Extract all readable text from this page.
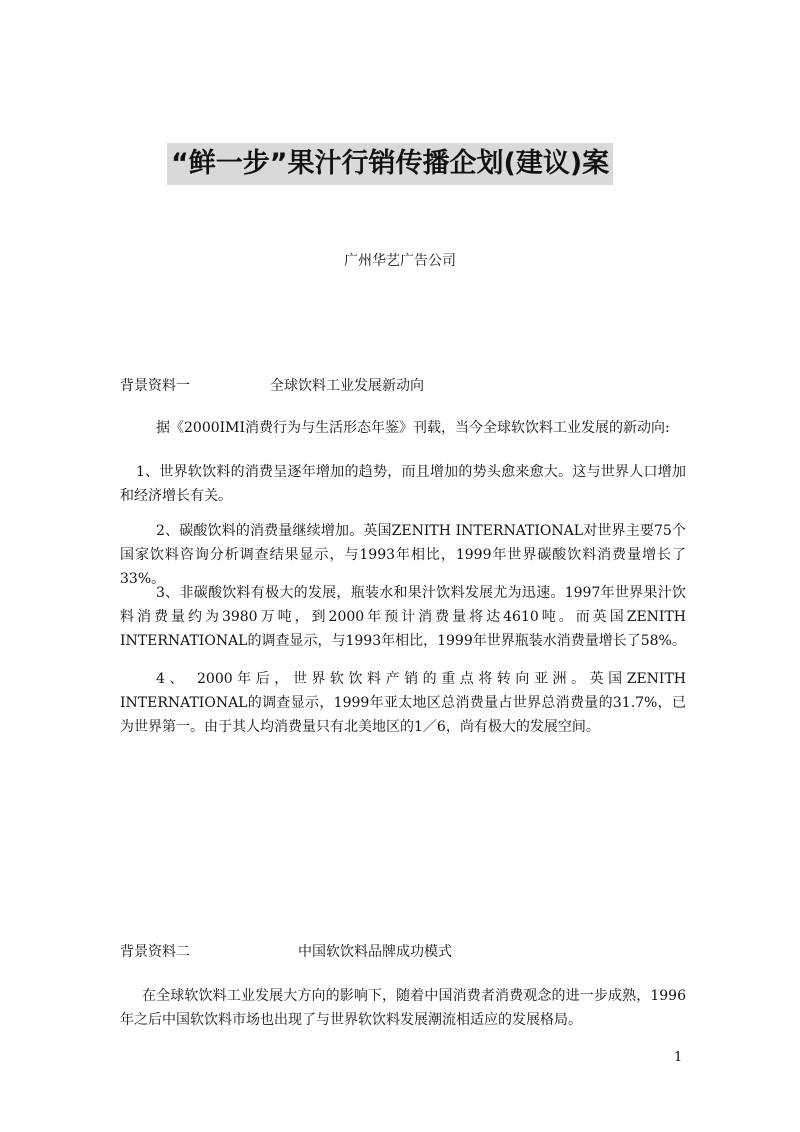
“鲜一步”果汁行销传播企划(建议)案
广州华艺广告公司
背景资料一	全球饮料工业发展新动向
据《2000IMI消费行为与生活形态年鉴》刊载，当今全球软饮料工业发展的新动向:
1、世界软饮料的消费呈逐年增加的趋势，而且增加的势头愈来愈大。这与世界人口增加和经济增长有关。
2、碳酸饮料的消费量继续增加。英国ZENITH INTERNATIONAL对世界主要75个国家饮料咨询分析调查结果显示，与1993年相比，1999年世界碳酸饮料消费量增长了33%。
3、非碳酸饮料有极大的发展，瓶装水和果汁饮料发展尤为迅速。1997年世界果汁饮料消费量约为3980万吨，到2000年预计消费量将达4610吨。而英国ZENITH INTERNATIONAL的调查显示，与1993年相比，1999年世界瓶装水消费量增长了58%。
4、 2000年后，世界软饮料产销的重点将转向亚洲。英国ZENITH INTERNATIONAL的调查显示，1999年亚太地区总消费量占世界总消费量的31.7%，已为世界第一。由于其人均消费量只有北美地区的1／6，尚有极大的发展空间。
背景资料二	中国软饮料品牌成功模式
在全球软饮料工业发展大方向的影响下，随着中国消费者消费观念的进一步成熟，1996年之后中国软饮料市场也出现了与世界软饮料发展潮流相适应的发展格局。
1
